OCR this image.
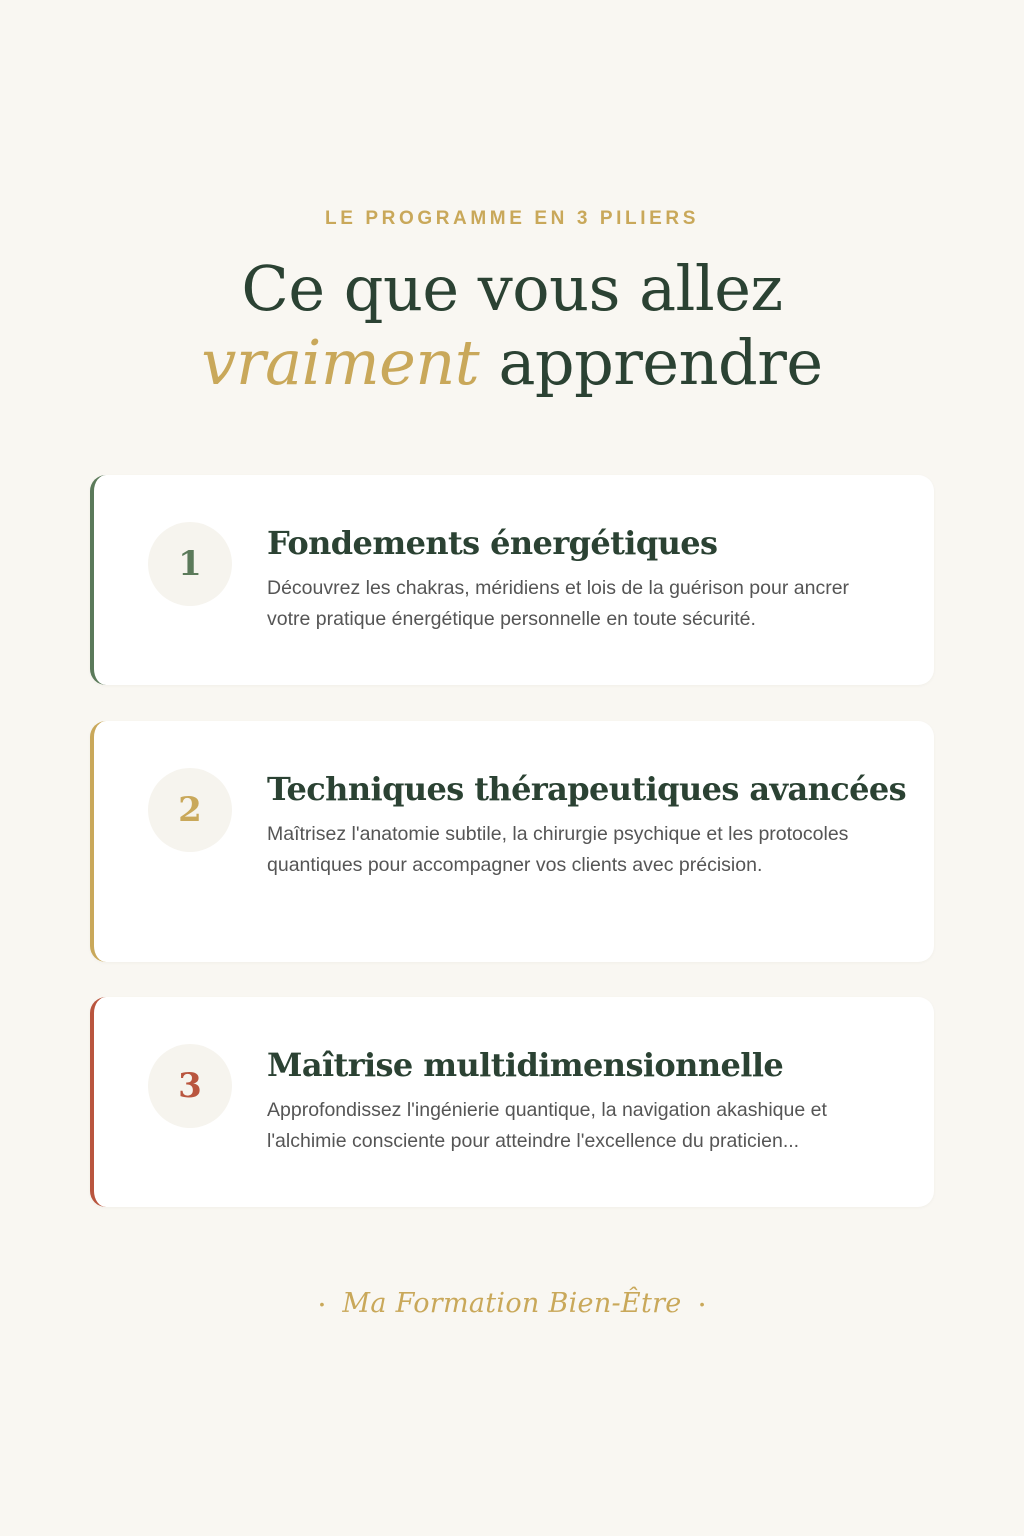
LE PROGRAMME EN 3 PILIERS
Ce que vous allez
vraiment apprendre
1
Fondements énergétiques

Découvrez les chakras, méridiens et lois de la guérison pour ancrer votre pratique énergétique personnelle en toute sécurité.

2
Techniques thérapeutiques avancées

Maîtrisez l'anatomie subtile, la chirurgie psychique et les protocoles quantiques pour accompagner vos clients avec précision.

3
Maîtrise multidimensionnelle

Approfondissez l'ingénierie quantique, la navigation akashique et l'alchimie consciente pour atteindre l'excellence du praticien...

• Ma Formation Bien-Être •
